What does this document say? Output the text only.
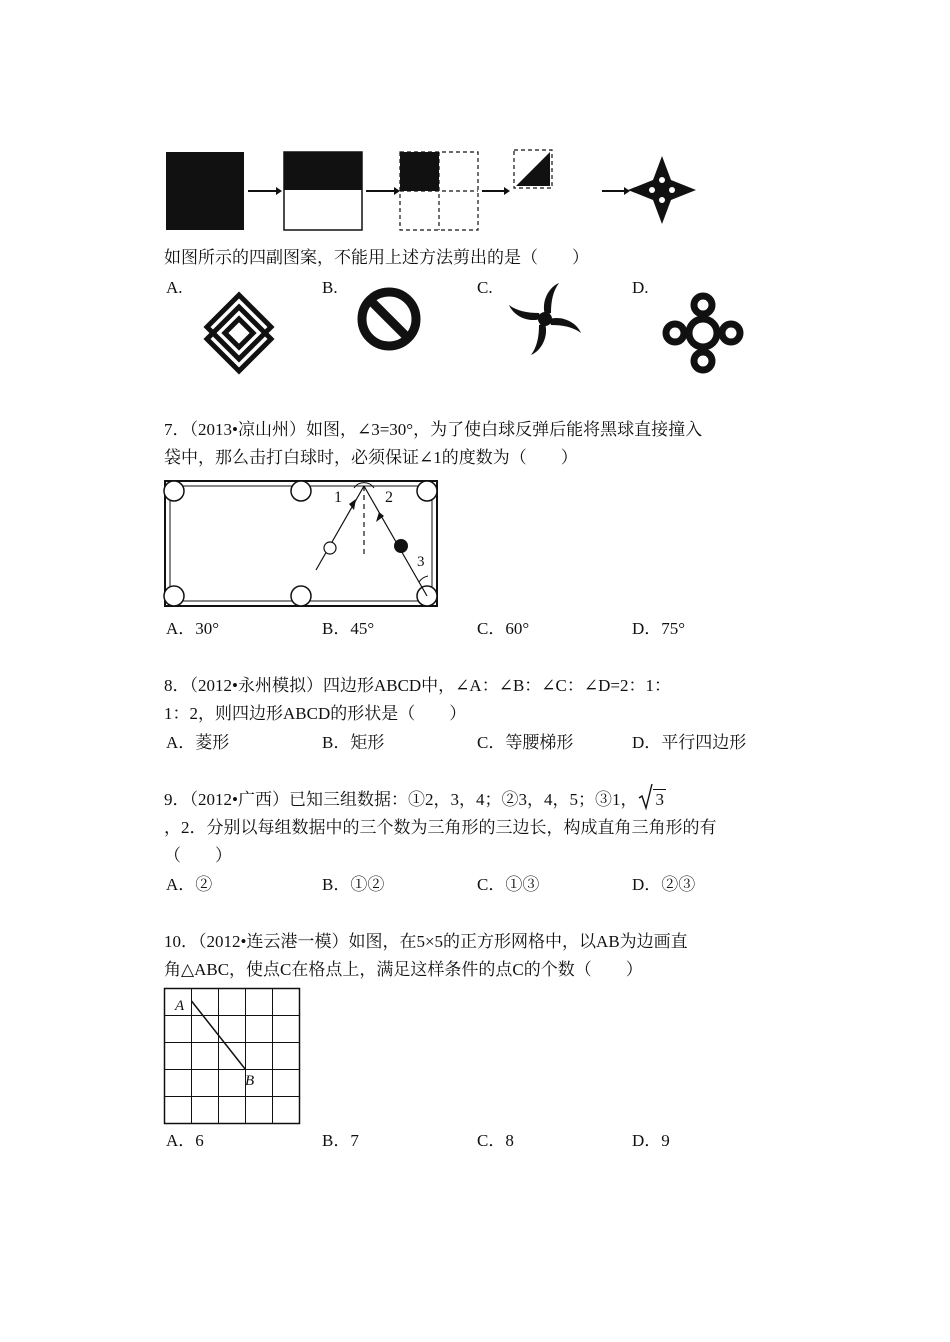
如图所示的四副图案，不能用上述方法剪出的是（　　）
A.	B.	C.	D.
7．（2013•凉山州）如图，∠3=30°，为了使白球反弹后能将黑球直接撞入
袋中，那么击打白球时，必须保证∠1的度数为（　　）
1	2
3
A．30°	B．45°	C．60°	D．75°
8．（2012•永州模拟）四边形ABCD中，∠A：∠B：∠C：∠D=2：1：
1：2，则四边形ABCD的形状是（　　）
A．菱形	B．矩形	C．等腰梯形	D．平行四边形
9．（2012•广西）已知三组数据：①2，3，4；②3，4，5；③1， 3
，2．分别以每组数据中的三个数为三角形的三边长，构成直角三角形的有
（　　）
A．②	B．①②	C．①③	D．②③
10．（2012•连云港一模）如图，在5×5的正方形网格中，以AB为边画直
角△ABC，使点C在格点上，满足这样条件的点C的个数（　　）
A
B
A．6	B．7	C．8	D．9
